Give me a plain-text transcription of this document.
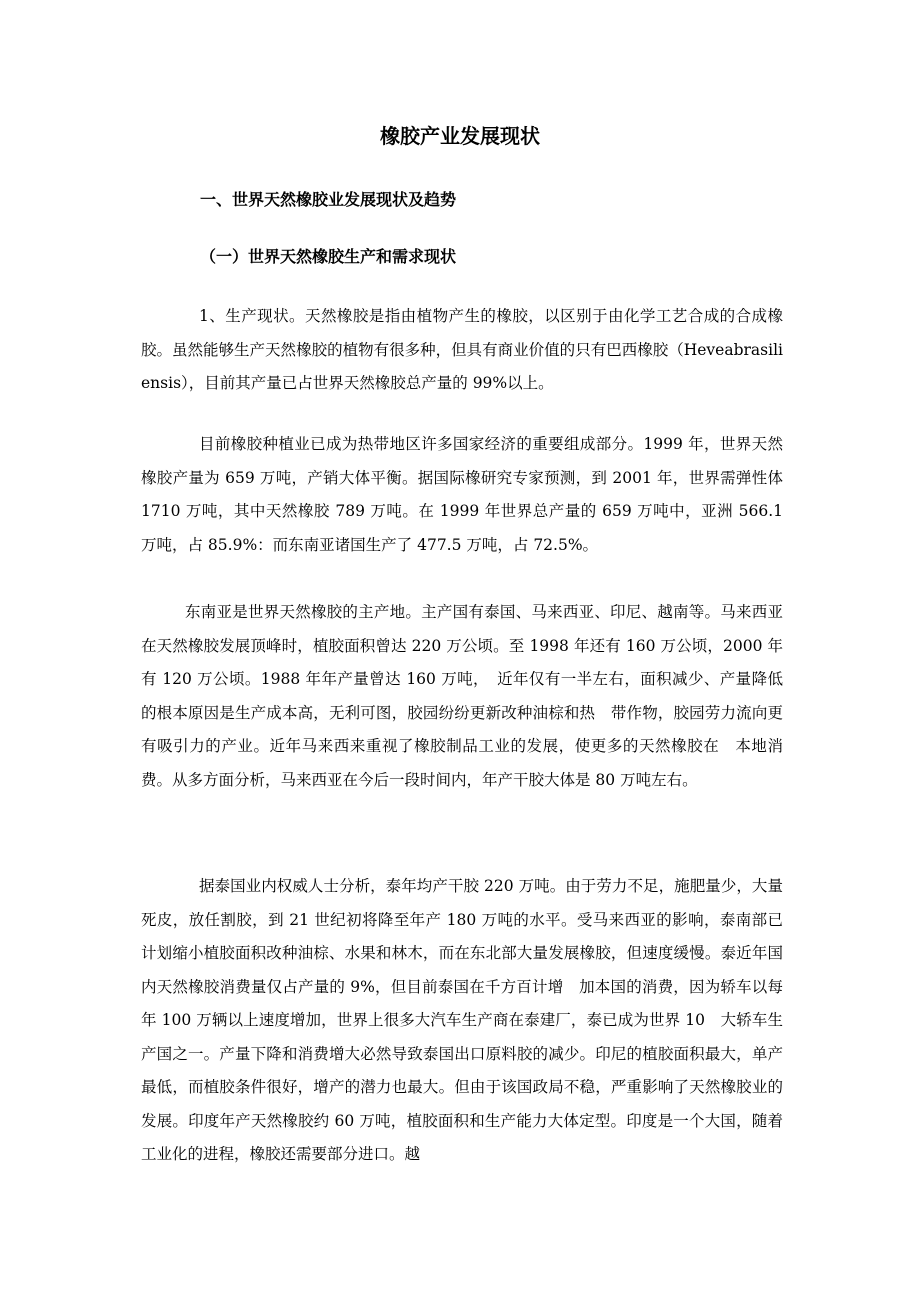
橡胶产业发展现状
一、世界天然橡胶业发展现状及趋势
（一）世界天然橡胶生产和需求现状

1、生产现状。天然橡胶是指由植物产生的橡胶，以区别于由化学工艺合成的合成橡胶。虽然能够生产天然橡胶的植物有很多种，但具有商业价值的只有巴西橡胶（Heveabrasiliensis），目前其产量已占世界天然橡胶总产量的 99%以上。

目前橡胶种植业已成为热带地区许多国家经济的重要组成部分。1999 年，世界天然橡胶产量为 659 万吨，产销大体平衡。据国际橡研究专家预测，到 2001 年，世界需弹性体 1710 万吨，其中天然橡胶 789 万吨。在 1999 年世界总产量的 659 万吨中，亚洲 566.1 万吨，占 85.9%：而东南亚诸国生产了 477.5 万吨，占 72.5%。

东南亚是世界天然橡胶的主产地。主产国有泰国、马来西亚、印尼、越南等。马来西亚在天然橡胶发展顶峰时，植胶面积曾达 220 万公顷。至 1998 年还有 160 万公顷，2000 年有 120 万公顷。1988 年年产量曾达 160 万吨，　近年仅有一半左右，面积减少、产量降低的根本原因是生产成本高，无利可图，胶园纷纷更新改种油棕和热　带作物，胶园劳力流向更有吸引力的产业。近年马来西来重视了橡胶制品工业的发展，使更多的天然橡胶在　本地消费。从多方面分析，马来西亚在今后一段时间内，年产干胶大体是 80 万吨左右。

据泰国业内权威人士分析，泰年均产干胶 220 万吨。由于劳力不足，施肥量少，大量死皮，放任割胶，到 21 世纪初将降至年产 180 万吨的水平。受马来西亚的影响，泰南部已计划缩小植胶面积改种油棕、水果和林木，而在东北部大量发展橡胶，但速度缓慢。泰近年国内天然橡胶消费量仅占产量的 9%，但目前泰国在千方百计增　加本国的消费，因为轿车以每年 100 万辆以上速度增加，世界上很多大汽车生产商在泰建厂，泰已成为世界 10　大轿车生产国之一。产量下降和消费增大必然导致泰国出口原料胶的减少。印尼的植胶面积最大，单产最低，而植胶条件很好，增产的潜力也最大。但由于该国政局不稳，严重影响了天然橡胶业的发展。印度年产天然橡胶约 60 万吨，植胶面积和生产能力大体定型。印度是一个大国，随着工业化的进程，橡胶还需要部分进口。越
